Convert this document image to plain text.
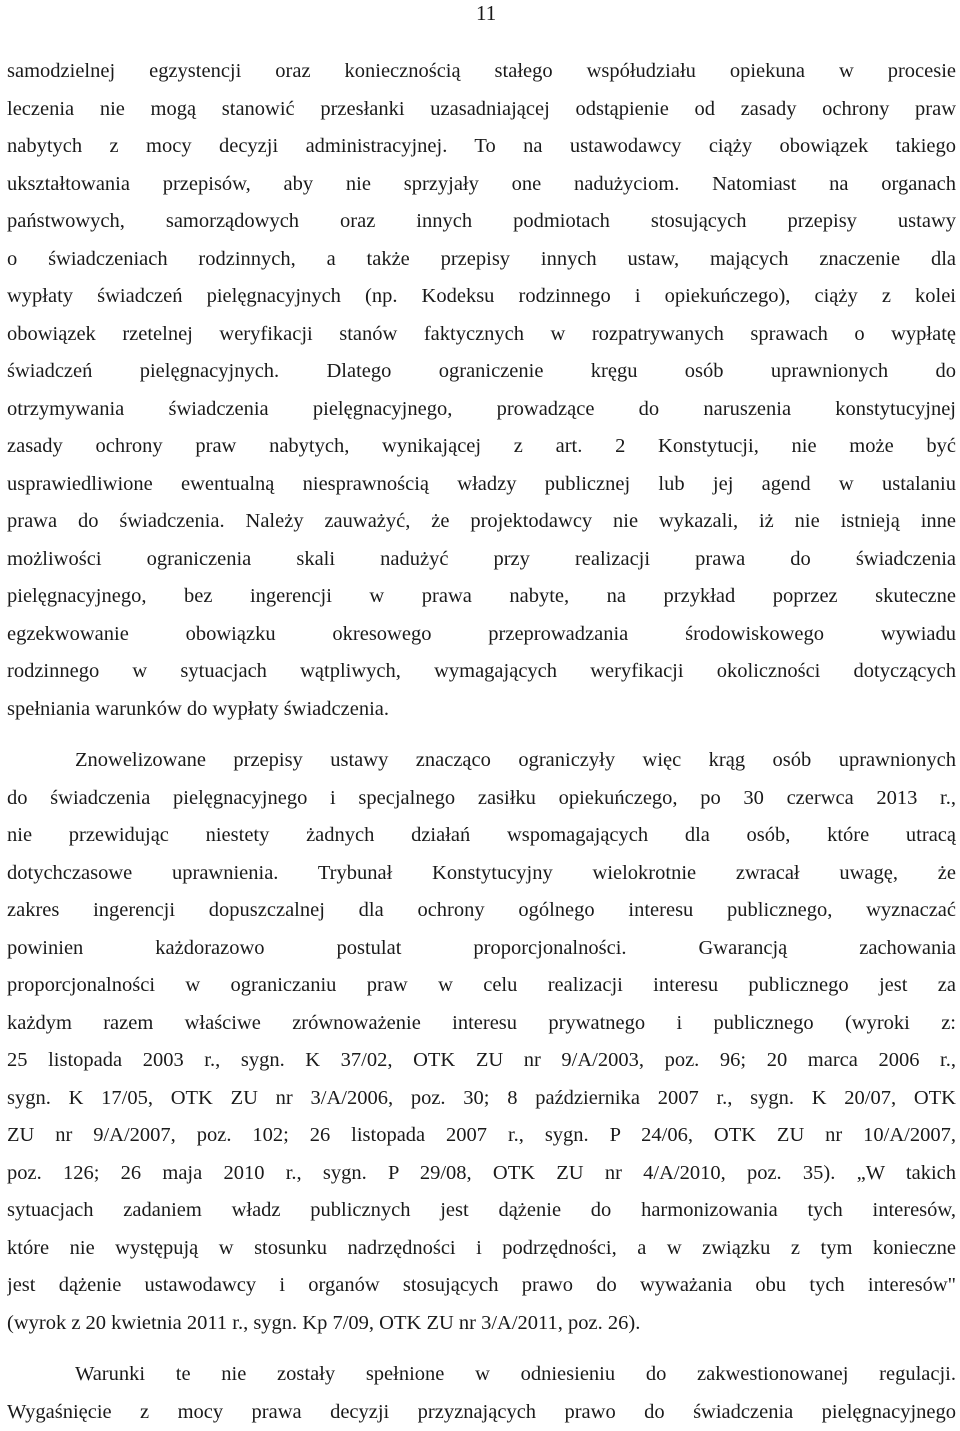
11
samodzielnej egzystencji oraz koniecznością stałego współudziału opiekuna w procesie
leczenia nie mogą stanowić przesłanki uzasadniającej odstąpienie od zasady ochrony praw
nabytych z mocy decyzji administracyjnej. To na ustawodawcy ciąży obowiązek takiego
ukształtowania przepisów, aby nie sprzyjały one nadużyciom. Natomiast na organach
państwowych, samorządowych oraz innych podmiotach stosujących przepisy ustawy
o świadczeniach rodzinnych, a także przepisy innych ustaw, mających znaczenie dla
wypłaty świadczeń pielęgnacyjnych (np. Kodeksu rodzinnego i opiekuńczego), ciąży z kolei
obowiązek rzetelnej weryfikacji stanów faktycznych w rozpatrywanych sprawach o wypłatę
świadczeń pielęgnacyjnych. Dlatego ograniczenie kręgu osób uprawnionych do
otrzymywania świadczenia pielęgnacyjnego, prowadzące do naruszenia konstytucyjnej
zasady ochrony praw nabytych, wynikającej z art. 2 Konstytucji, nie może być
usprawiedliwione ewentualną niesprawnością władzy publicznej lub jej agend w ustalaniu
prawa do świadczenia. Należy zauważyć, że projektodawcy nie wykazali, iż nie istnieją inne
możliwości ograniczenia skali nadużyć przy realizacji prawa do świadczenia
pielęgnacyjnego, bez ingerencji w prawa nabyte, na przykład poprzez skuteczne
egzekwowanie obowiązku okresowego przeprowadzania środowiskowego wywiadu
rodzinnego w sytuacjach wątpliwych, wymagających weryfikacji okoliczności dotyczących
spełniania warunków do wypłaty świadczenia.
Znowelizowane przepisy ustawy znacząco ograniczyły więc krąg osób uprawnionych
do świadczenia pielęgnacyjnego i specjalnego zasiłku opiekuńczego, po 30 czerwca 2013 r.,
nie przewidując niestety żadnych działań wspomagających dla osób, które utracą
dotychczasowe uprawnienia. Trybunał Konstytucyjny wielokrotnie zwracał uwagę, że
zakres ingerencji dopuszczalnej dla ochrony ogólnego interesu publicznego, wyznaczać
powinien każdorazowo postulat proporcjonalności. Gwarancją zachowania
proporcjonalności w ograniczaniu praw w celu realizacji interesu publicznego jest za
każdym razem właściwe zrównoważenie interesu prywatnego i publicznego (wyroki z:
25 listopada 2003 r., sygn. K 37/02, OTK ZU nr 9/A/2003, poz. 96; 20 marca 2006 r.,
sygn. K 17/05, OTK ZU nr 3/A/2006, poz. 30; 8 października 2007 r., sygn. K 20/07, OTK
ZU nr 9/A/2007, poz. 102; 26 listopada 2007 r., sygn. P 24/06, OTK ZU nr 10/A/2007,
poz. 126; 26 maja 2010 r., sygn. P 29/08, OTK ZU nr 4/A/2010, poz. 35). „W takich
sytuacjach zadaniem władz publicznych jest dążenie do harmonizowania tych interesów,
które nie występują w stosunku nadrzędności i podrzędności, a w związku z tym konieczne
jest dążenie ustawodawcy i organów stosujących prawo do wyważania obu tych interesów"
(wyrok z 20 kwietnia 2011 r., sygn. Kp 7/09, OTK ZU nr 3/A/2011, poz. 26).
Warunki te nie zostały spełnione w odniesieniu do zakwestionowanej regulacji.
Wygaśnięcie z mocy prawa decyzji przyznających prawo do świadczenia pielęgnacyjnego
